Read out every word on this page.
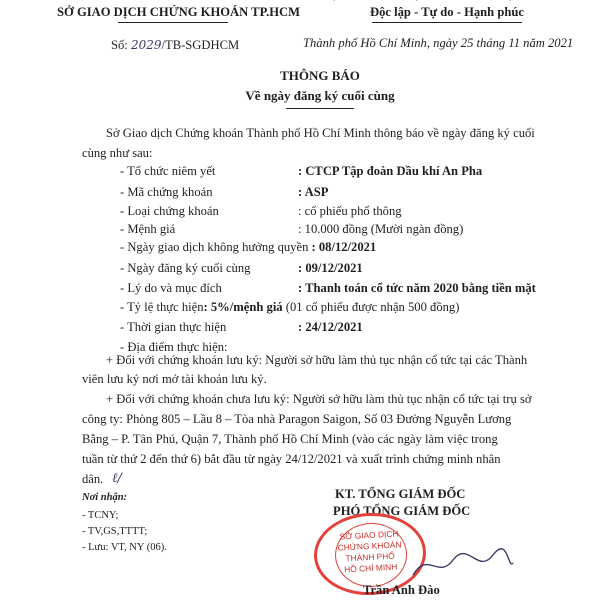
SỞ GIAO DỊCH CHỨNG KHOÁN TP.HCM	Độc lập - Tự do - Hạnh phúc
Số: 2029/TB-SGDHCM	Thành phố Hồ Chí Minh, ngày 25 tháng 11 năm 2021
THÔNG BÁO
Về ngày đăng ký cuối cùng
Sở Giao dịch Chứng khoán Thành phố Hồ Chí Minh thông báo về ngày đăng ký cuối
cùng như sau:
- Tổ chức niêm yết	: CTCP Tập đoàn Dầu khí An Pha
- Mã chứng khoán	: ASP
- Loại chứng khoán	: cổ phiếu phổ thông
- Mệnh giá	: 10.000 đồng (Mười ngàn đồng)
- Ngày giao dịch không hưởng quyền : 08/12/2021
- Ngày đăng ký cuối cùng	: 09/12/2021
- Lý do và mục đích	: Thanh toán cổ tức năm 2020 bằng tiền mặt
- Tỷ lệ thực hiện: 5%/mệnh giá (01 cổ phiếu được nhận 500 đồng)
- Thời gian thực hiện	: 24/12/2021
- Địa điểm thực hiện:
+ Đối với chứng khoán lưu ký: Người sở hữu làm thủ tục nhận cổ tức tại các Thành
viên lưu ký nơi mở tài khoản lưu ký.
+ Đối với chứng khoán chưa lưu ký: Người sở hữu làm thủ tục nhận cổ tức tại trụ sở
công ty: Phòng 805 – Lầu 8 – Tòa nhà Paragon Saigon, Số 03 Đường Nguyễn Lương
Bằng – P. Tân Phú, Quận 7, Thành phố Hồ Chí Minh (vào các ngày làm việc trong
tuần từ thứ 2 đến thứ 6) bắt đầu từ ngày 24/12/2021 và xuất trình chứng minh nhân
dân. ℓ∕
Nơi nhận:
- TCNY;
- TV,GS,TTTT;
- Lưu: VT, NY (06).
KT. TỔNG GIÁM ĐỐC
PHÓ TỔNG GIÁM ĐỐC
SỞ GIAO DỊCH
CHỨNG KHOÁN
THÀNH PHỐ
HỒ CHÍ MINH
Trần Anh Đào
